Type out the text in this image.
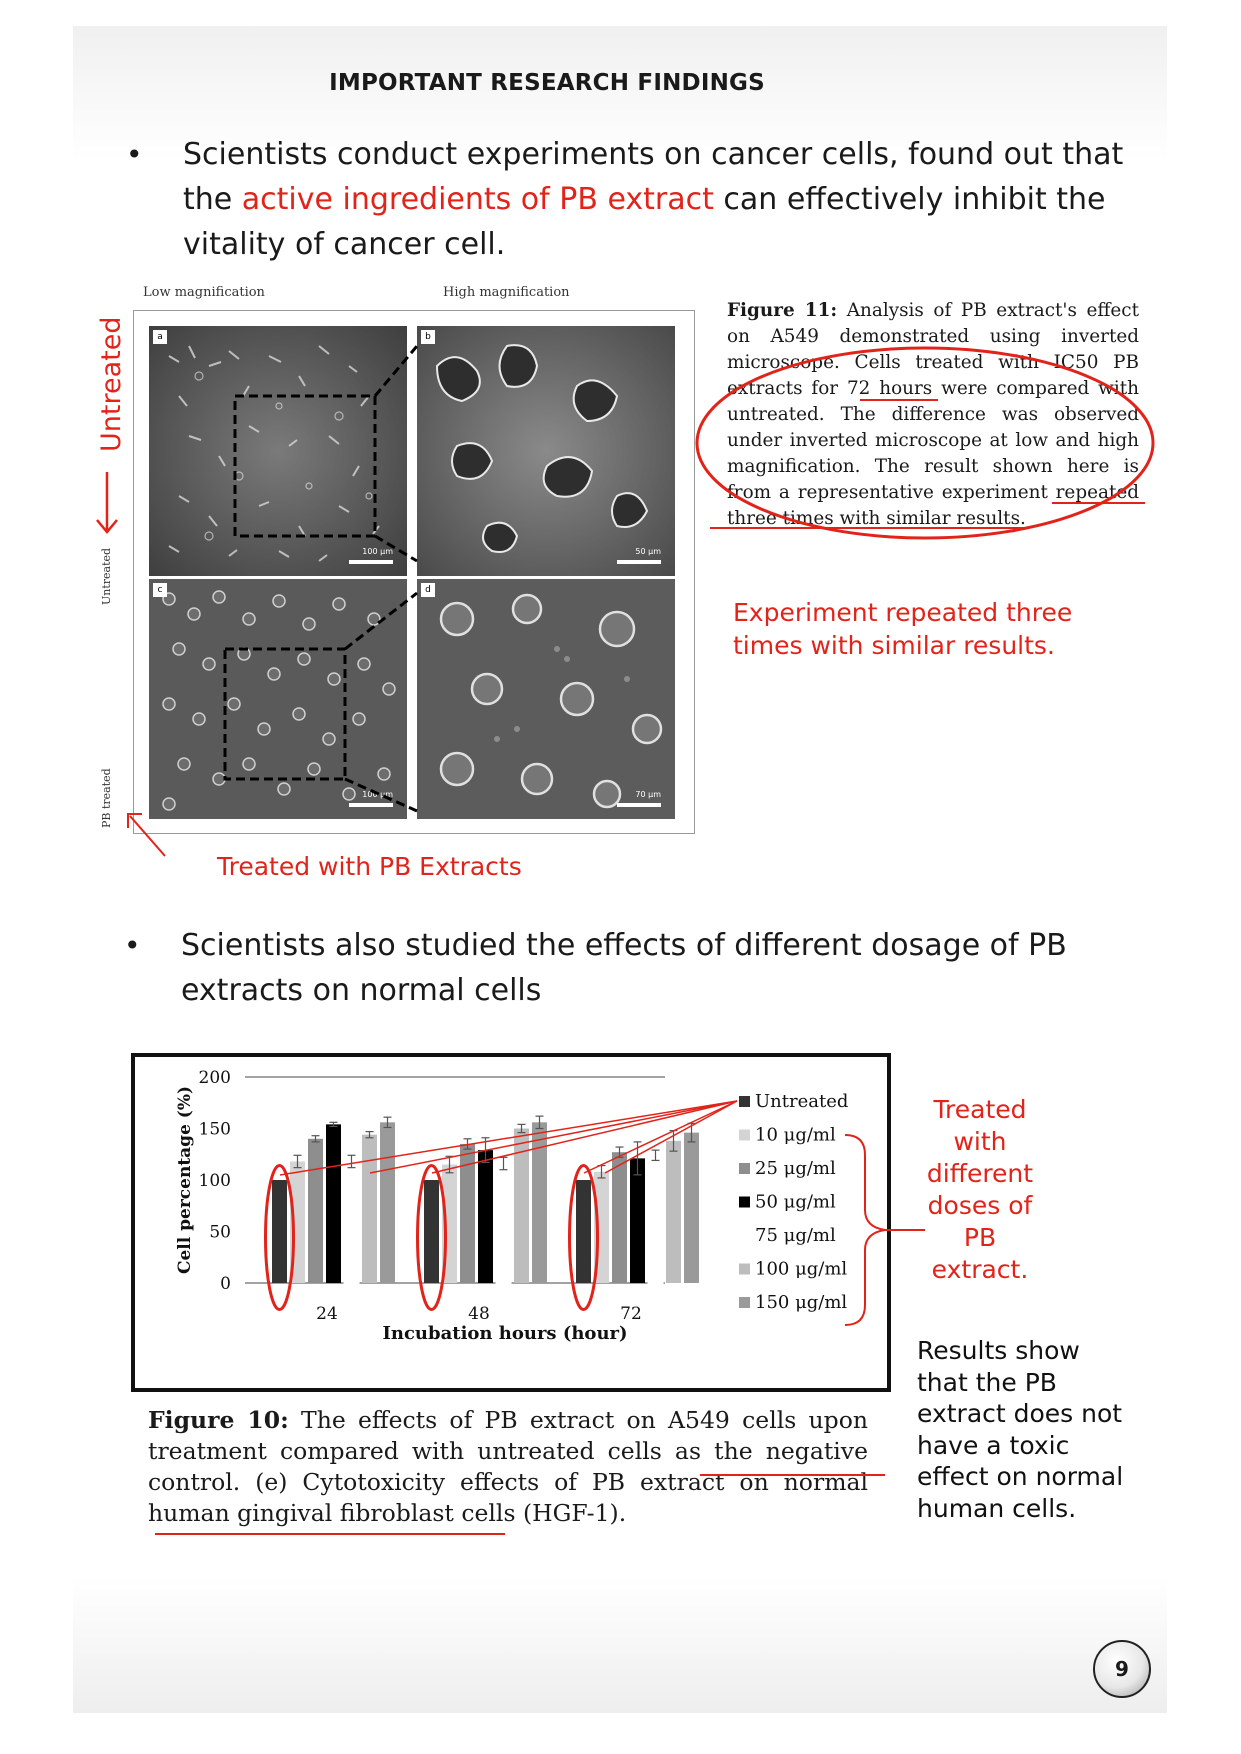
IMPORTANT RESEARCH FINDINGS
• Scientists conduct experiments on cancer cells, found out that
the active ingredients of PB extract can effectively inhibit the
vitality of cancer cell.
Low magnification	High magnification
a
100 μm
b
50 μm
c
100 μm
d
70 μm
Untreated
PB treated
Untreated
Treated with PB Extracts
Figure 11: Analysis of PB extract's effect on A549 demonstrated using inverted microscope. Cells treated with IC50 PB extracts for 72 hours were compared with untreated. The difference was observed under inverted microscope at low and high magnification. The result shown here is from a representative experiment repeated three times with similar results.
Experiment repeated three
times with similar results.
• Scientists also studied the effects of different dosage of PB
extracts on normal cells
0
50
100
150
200
Cell percentage (%)
24	48	72
Incubation hours (hour)
Untreated
10 μg/ml
25 μg/ml
50 μg/ml
75 μg/ml
100 μg/ml
150 μg/ml
Treated
with
different
doses of
PB
extract.
Figure 10: The effects of PB extract on A549 cells upon treatment compared with untreated cells as the negative control. (e) Cytotoxicity effects of PB extract on normal human gingival fibroblast cells (HGF-1).
Results show
that the PB
extract does not
have a toxic
effect on normal
human cells.
9
